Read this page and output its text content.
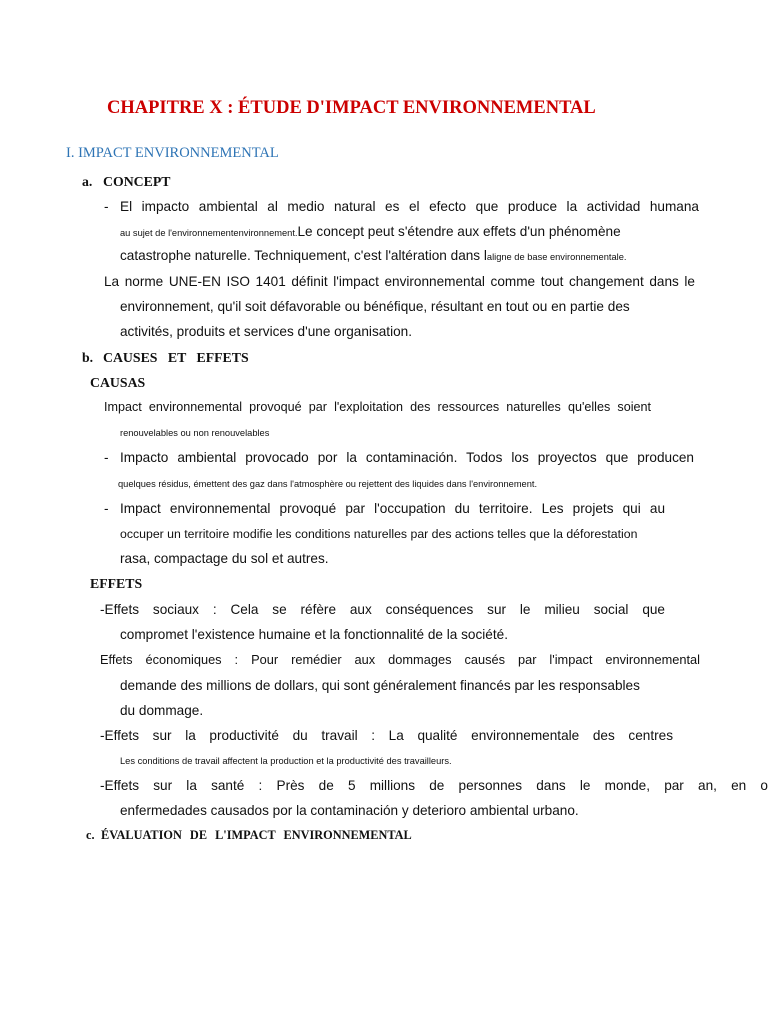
CHAPITRE X : ÉTUDE D'IMPACT ENVIRONNEMENTAL
I. IMPACT ENVIRONNEMENTAL
a. CONCEPT
- El impacto ambiental al medio natural es el efecto que produce la actividad humana
au sujet de l'environnementenvironnement.Le concept peut s'étendre aux effets d'un phénomène
catastrophe naturelle. Techniquement, c'est l'altération dans laligne de base environnementale.
La norme UNE-EN ISO 1401 définit l'impact environnemental comme tout changement dans le
environnement, qu'il soit défavorable ou bénéfique, résultant en tout ou en partie des
activités, produits et services d'une organisation.
b. CAUSES ET EFFETS
CAUSAS
Impact environnemental provoqué par l'exploitation des ressources naturelles qu'elles soient
renouvelables ou non renouvelables
- Impacto ambiental provocado por la contaminación. Todos los proyectos que producen
quelques résidus, émettent des gaz dans l'atmosphère ou rejettent des liquides dans l'environnement.
- Impact environnemental provoqué par l'occupation du territoire. Les projets qui au
occuper un territoire modifie les conditions naturelles par des actions telles que la déforestation
rasa, compactage du sol et autres.
EFFETS
-Effets sociaux : Cela se réfère aux conséquences sur le milieu social que
compromet l'existence humaine et la fonctionnalité de la société.
Effets économiques : Pour remédier aux dommages causés par l'impact environnemental
demande des millions de dollars, qui sont généralement financés par les responsables
du dommage.
-Effets sur la productivité du travail : La qualité environnementale des centres
Les conditions de travail affectent la production et la productivité des travailleurs.
-Effets sur la santé : Près de 5 millions de personnes dans le monde, par an, en o
enfermedades causados por la contaminación y deterioro ambiental urbano.
c. ÉVALUATION DE L'IMPACT ENVIRONNEMENTAL
